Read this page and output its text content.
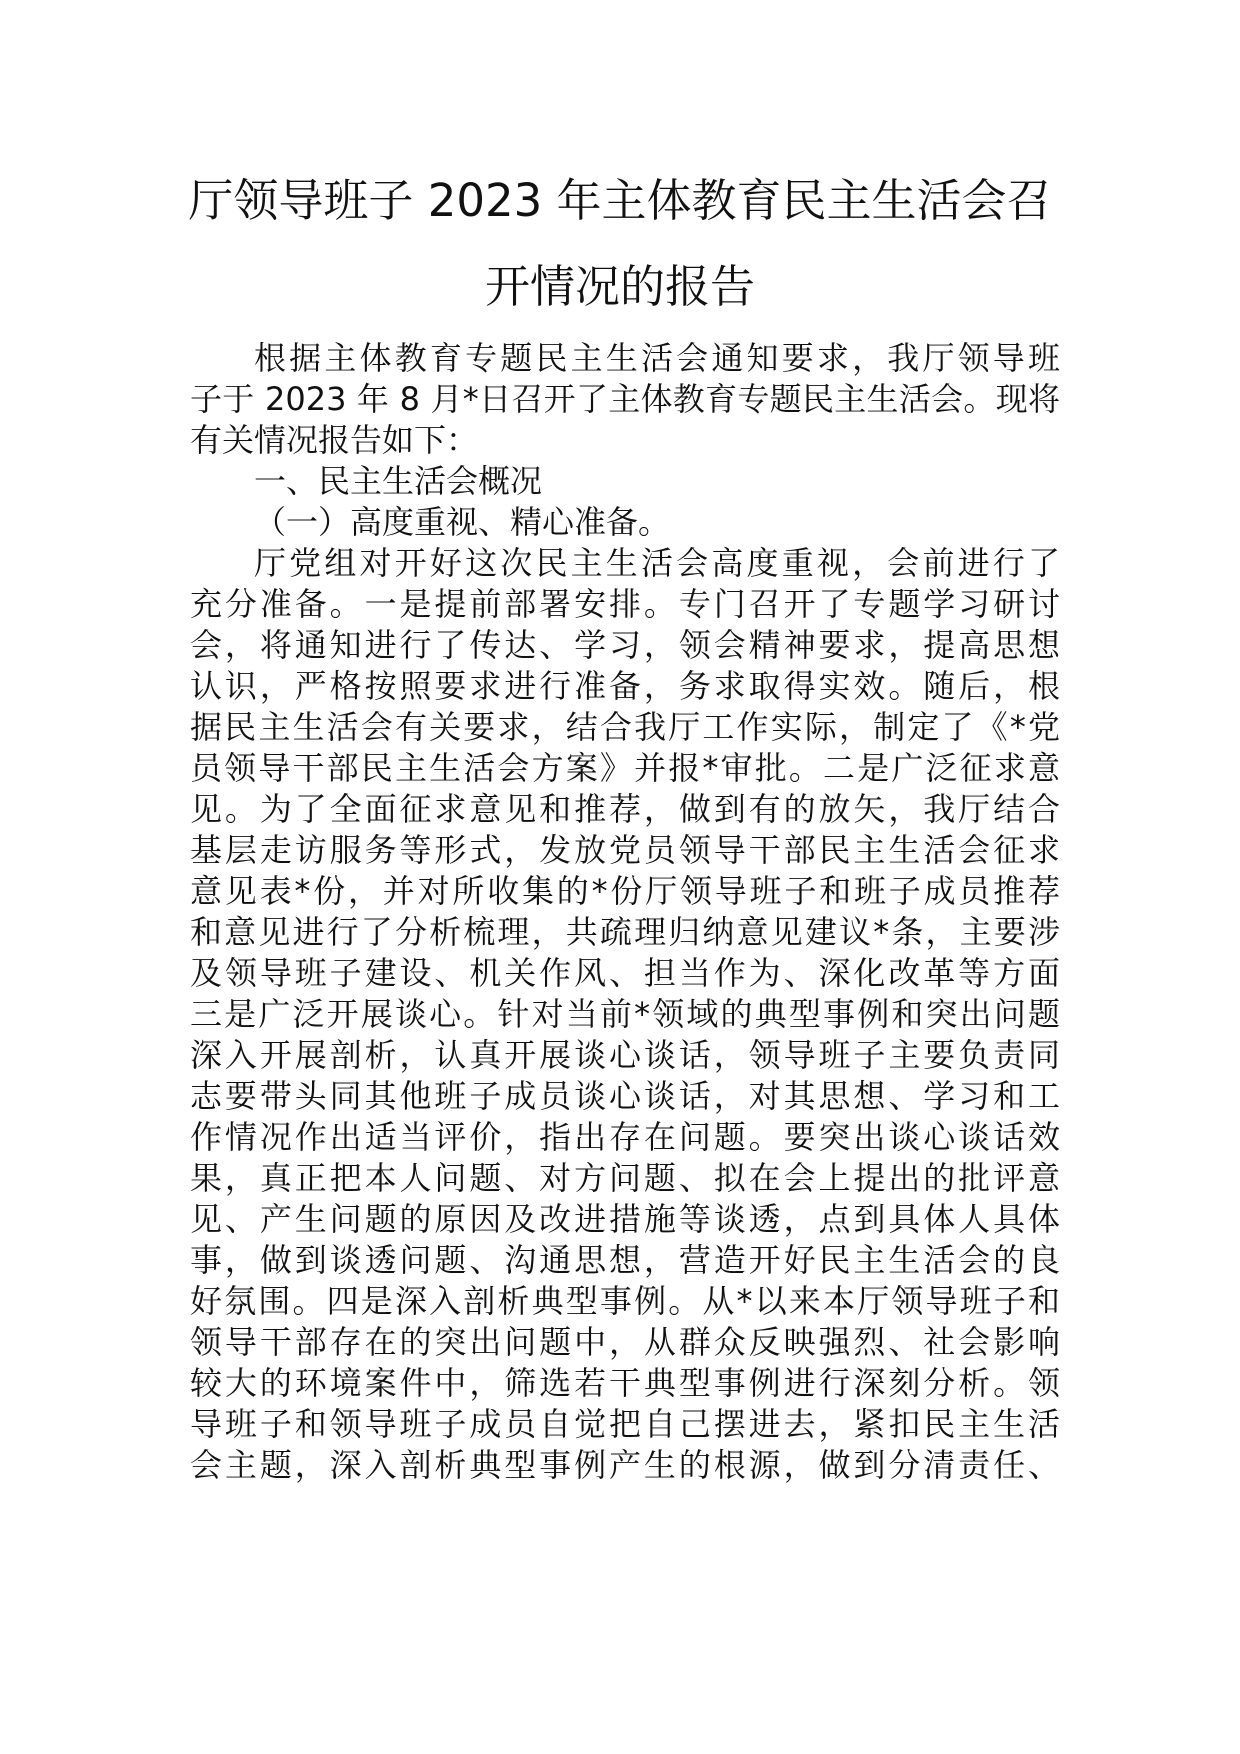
厅领导班子 2023 年主体教育民主生活会召
开情况的报告
根据主体教育专题民主生活会通知要求，我厅领导班
子于 2023 年 8 月*日召开了主体教育专题民主生活会。现将
有关情况报告如下：
一、民主生活会概况
（一）高度重视、精心准备。
厅党组对开好这次民主生活会高度重视，会前进行了
充分准备。一是提前部署安排。专门召开了专题学习研讨
会，将通知进行了传达、学习，领会精神要求，提高思想
认识，严格按照要求进行准备，务求取得实效。随后，根
据民主生活会有关要求，结合我厅工作实际，制定了《*党
员领导干部民主生活会方案》并报*审批。二是广泛征求意
见。为了全面征求意见和推荐，做到有的放矢，我厅结合
基层走访服务等形式，发放党员领导干部民主生活会征求
意见表*份，并对所收集的*份厅领导班子和班子成员推荐
和意见进行了分析梳理，共疏理归纳意见建议*条，主要涉
及领导班子建设、机关作风、担当作为、深化改革等方面
三是广泛开展谈心。针对当前*领域的典型事例和突出问题
深入开展剖析，认真开展谈心谈话，领导班子主要负责同
志要带头同其他班子成员谈心谈话，对其思想、学习和工
作情况作出适当评价，指出存在问题。要突出谈心谈话效
果，真正把本人问题、对方问题、拟在会上提出的批评意
见、产生问题的原因及改进措施等谈透，点到具体人具体
事，做到谈透问题、沟通思想，营造开好民主生活会的良
好氛围。四是深入剖析典型事例。从*以来本厅领导班子和
领导干部存在的突出问题中，从群众反映强烈、社会影响
较大的环境案件中，筛选若干典型事例进行深刻分析。领
导班子和领导班子成员自觉把自己摆进去，紧扣民主生活
会主题，深入剖析典型事例产生的根源，做到分清责任、
